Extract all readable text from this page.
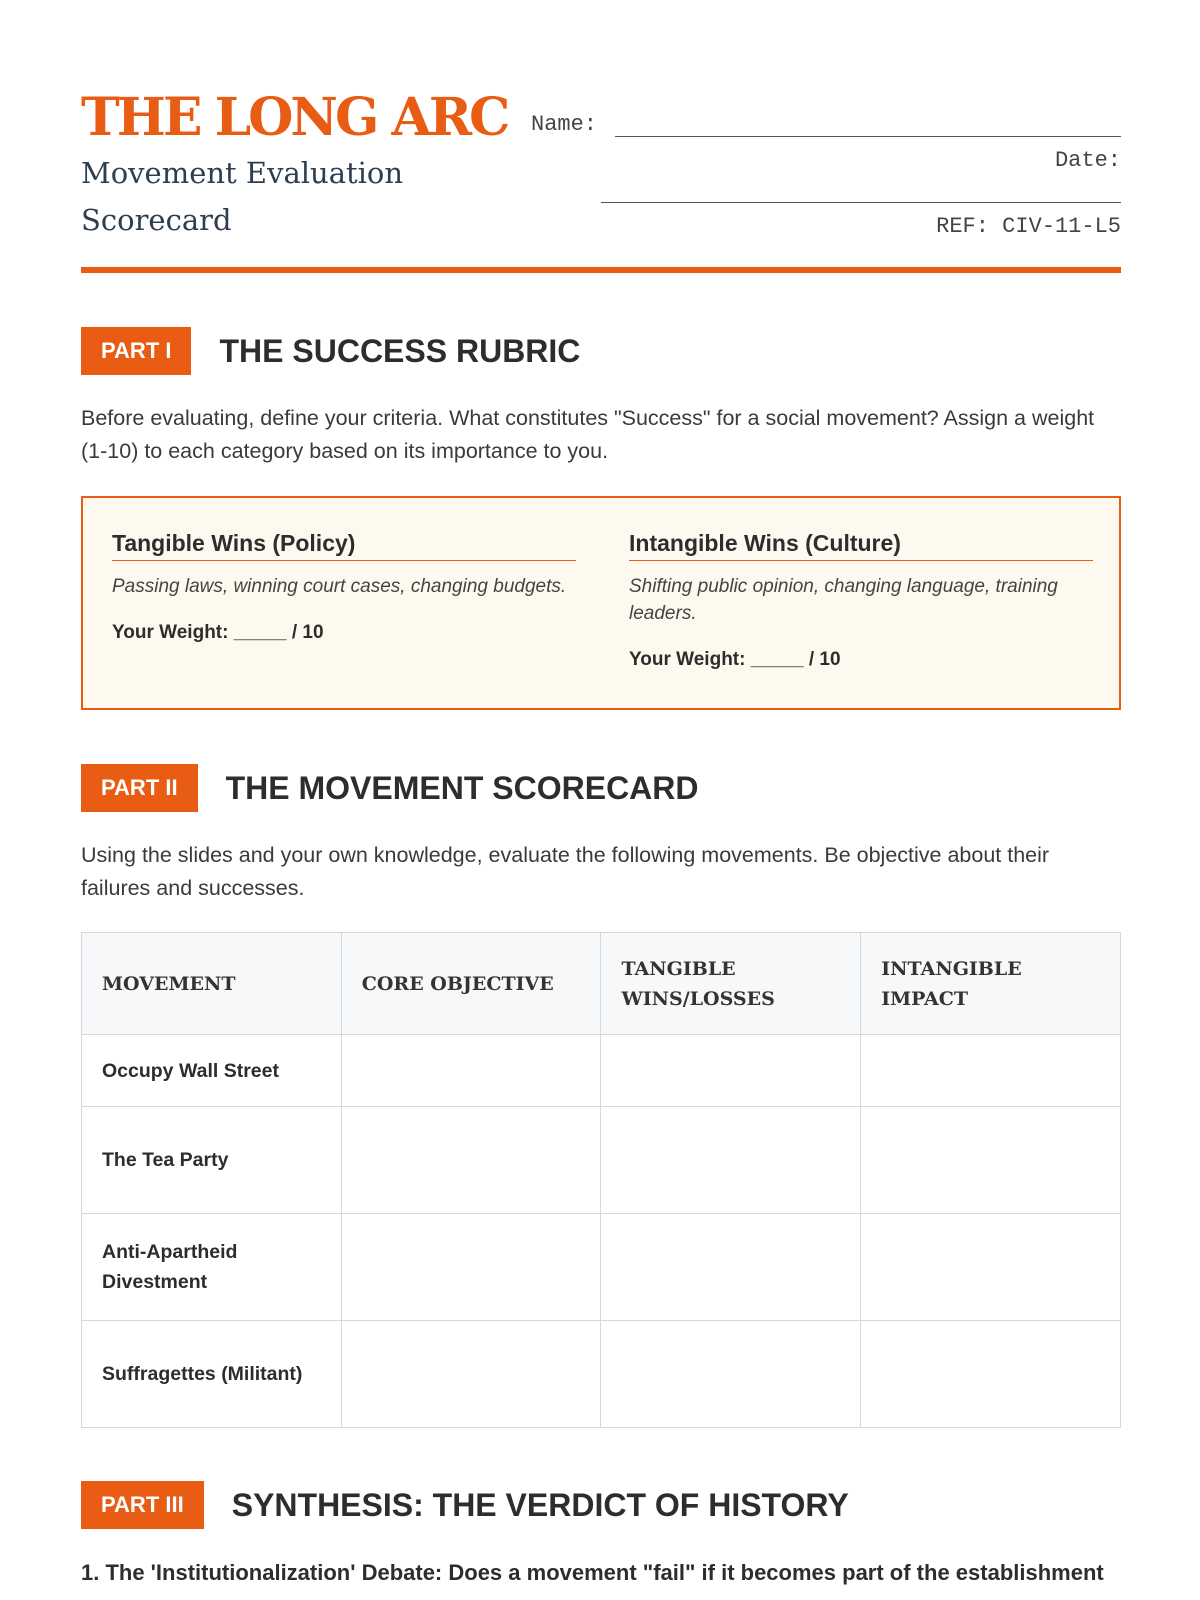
THE LONG ARC
Movement Evaluation Scorecard
Name:
Date:
REF: CIV-11-L5
PART I	THE SUCCESS RUBRIC
Before evaluating, define your criteria. What constitutes "Success" for a social movement? Assign a weight (1-10) to each category based on its importance to you.
Tangible Wins (Policy)
Passing laws, winning court cases, changing budgets.
Your Weight: _____ / 10
Intangible Wins (Culture)
Shifting public opinion, changing language, training leaders.
Your Weight: _____ / 10
PART II	THE MOVEMENT SCORECARD
Using the slides and your own knowledge, evaluate the following movements. Be objective about their failures and successes.
MOVEMENT	CORE OBJECTIVE	TANGIBLE WINS/LOSSES	INTANGIBLE IMPACT
Occupy Wall Street			
The Tea Party			
Anti-Apartheid Divestment			
Suffragettes (Militant)			
PART III	SYNTHESIS: THE VERDICT OF HISTORY
1. The 'Institutionalization' Debate: Does a movement "fail" if it becomes part of the establishment
